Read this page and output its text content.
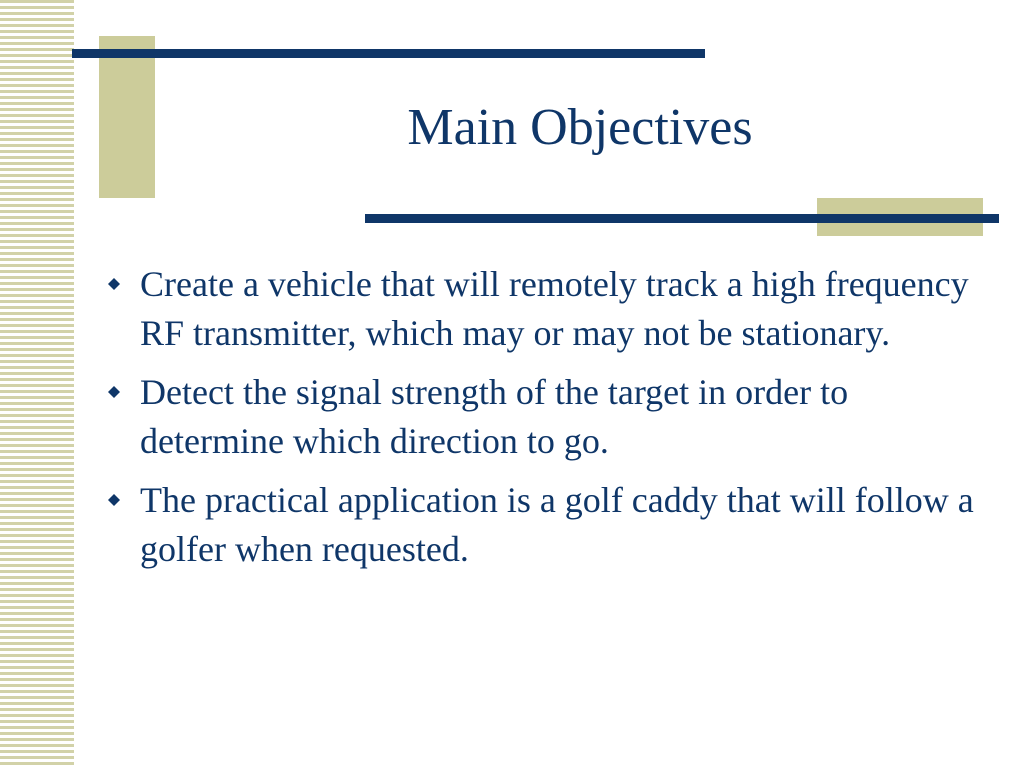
Main Objectives
Create a vehicle that will remotely track a high frequency RF transmitter, which may or may not be stationary.
Detect the signal strength of the target in order to determine which direction to go.
The practical application is a golf caddy that will follow a golfer when requested.
